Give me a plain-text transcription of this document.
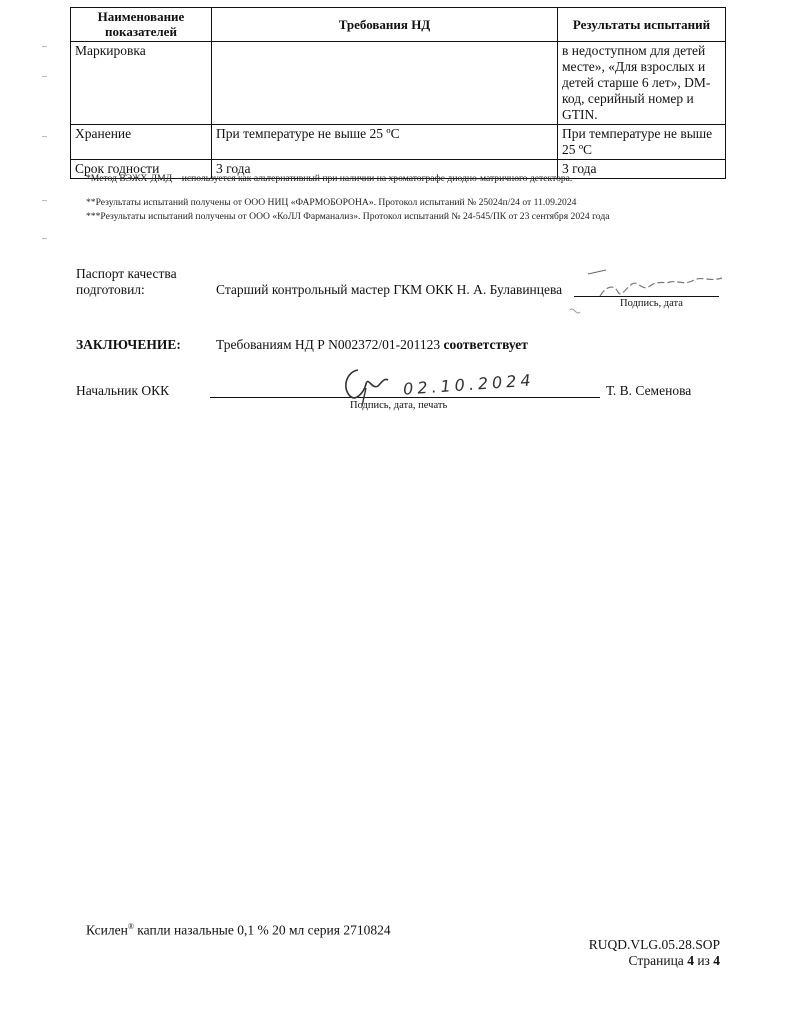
Наименование показателей	Требования НД	Результаты испытаний
Маркировка		в недоступном для детей месте», «Для взрослых и детей старше 6 лет», DM-код, серийный номер и GTIN.
Хранение	При температуре не выше 25 ºС	При температуре не выше 25 ºС
Срок годности	3 года	3 года
*Метод ВЭЖХ-ДМД – используется как альтернативный при наличии на хроматографе диодно-матричного детектора.
**Результаты испытаний получены от ООО НИЦ «ФАРМОБОРОНА». Протокол испытаний № 25024п/24 от 11.09.2024
***Результаты испытаний получены от ООО «КоЛЛ Фарманализ». Протокол испытаний № 24-545/ПК от 23 сентября 2024 года
Паспорт качества
подготовил:	Старший контрольный мастер ГКМ ОКК Н. А. Булавинцева
Подпись, дата
ЗАКЛЮЧЕНИЕ:	Требованиям НД Р N002372/01-201123 соответствует
Начальник ОКК	Т. В. Семенова
Подпись, дата, печать
02.10.2024
Ксилен® капли назальные 0,1 % 20 мл серия 2710824
RUQD.VLG.05.28.SOP
Страница 4 из 4
